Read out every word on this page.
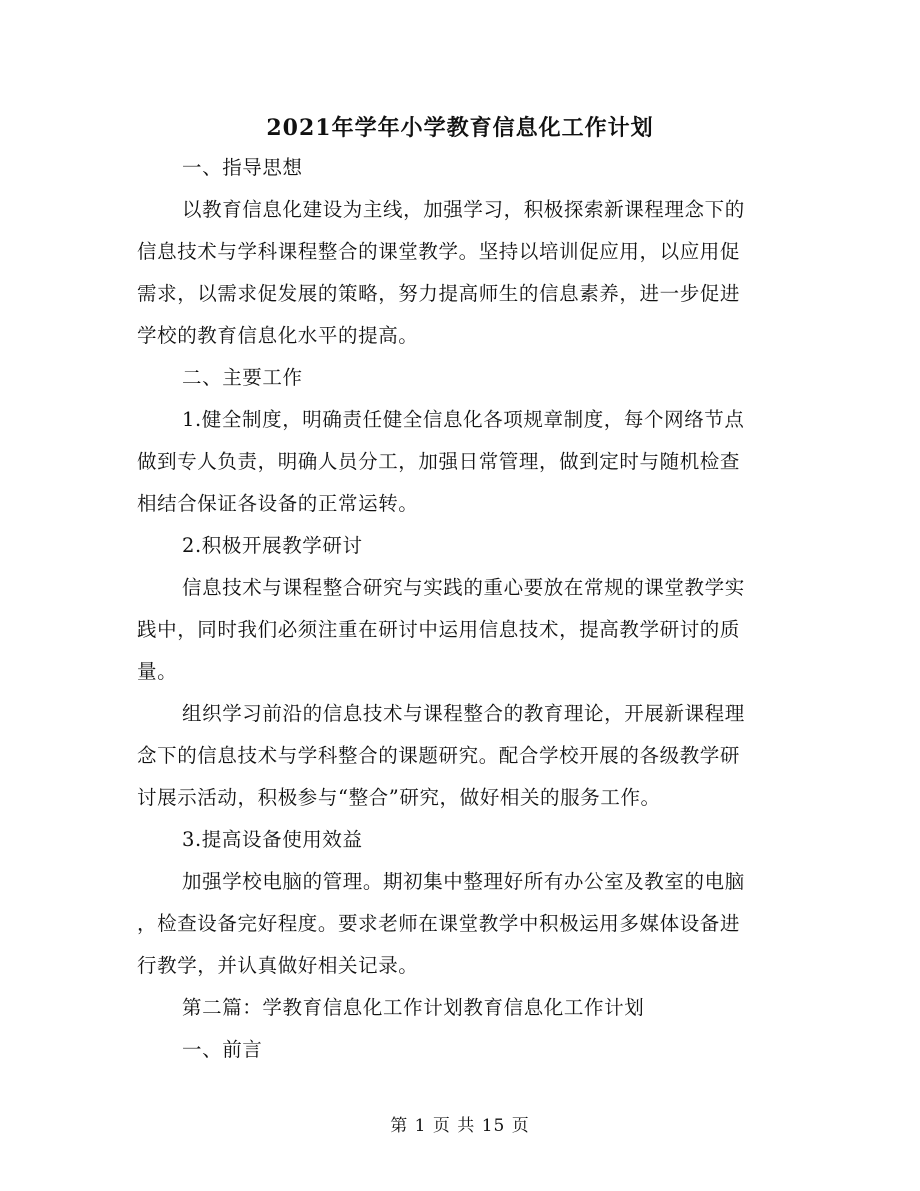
2021年学年小学教育信息化工作计划
一、指导思想
以教育信息化建设为主线，加强学习，积极探索新课程理念下的
信息技术与学科课程整合的课堂教学。坚持以培训促应用，以应用促
需求，以需求促发展的策略，努力提高师生的信息素养，进一步促进
学校的教育信息化水平的提高。
二、主要工作
1.健全制度，明确责任健全信息化各项规章制度，每个网络节点
做到专人负责，明确人员分工，加强日常管理，做到定时与随机检查
相结合保证各设备的正常运转。
2.积极开展教学研讨
信息技术与课程整合研究与实践的重心要放在常规的课堂教学实
践中，同时我们必须注重在研讨中运用信息技术，提高教学研讨的质
量。
组织学习前沿的信息技术与课程整合的教育理论，开展新课程理
念下的信息技术与学科整合的课题研究。配合学校开展的各级教学研
讨展示活动，积极参与“整合”研究，做好相关的服务工作。
3.提高设备使用效益
加强学校电脑的管理。期初集中整理好所有办公室及教室的电脑
，检查设备完好程度。要求老师在课堂教学中积极运用多媒体设备进
行教学，并认真做好相关记录。
第二篇：学教育信息化工作计划教育信息化工作计划
一、前言
第 1 页 共 15 页
